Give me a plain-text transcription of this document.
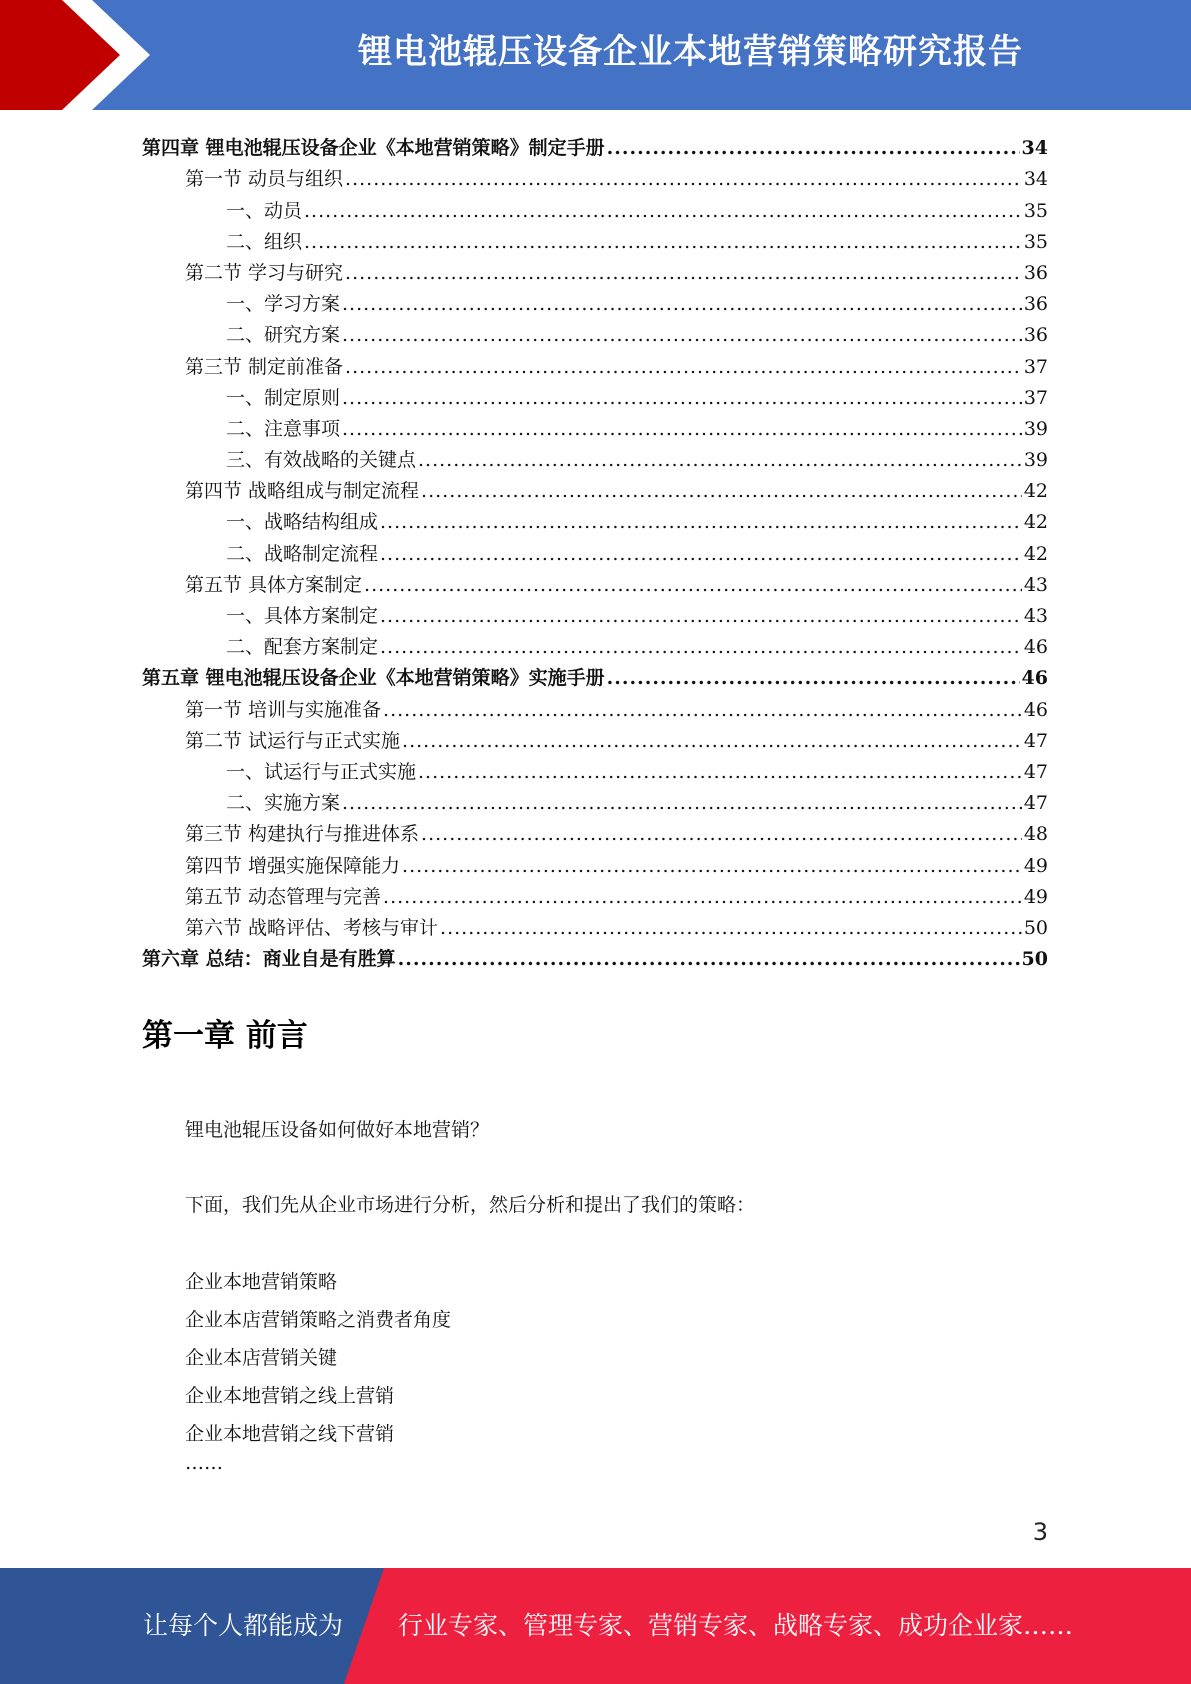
锂电池辊压设备企业本地营销策略研究报告
第四章 锂电池辊压设备企业《本地营销策略》制定手册 .....	34
第一节 动员与组织 .....	34
一、动员 .....	35
二、组织 .....	35
第二节 学习与研究 .....	36
一、学习方案 .....	36
二、研究方案 .....	36
第三节 制定前准备 .....	37
一、制定原则 .....	37
二、注意事项 .....	39
三、有效战略的关键点 .....	39
第四节 战略组成与制定流程 .....	42
一、战略结构组成 .....	42
二、战略制定流程 .....	42
第五节 具体方案制定 .....	43
一、具体方案制定 .....	43
二、配套方案制定 .....	46
第五章 锂电池辊压设备企业《本地营销策略》实施手册 .....	46
第一节 培训与实施准备 .....	46
第二节 试运行与正式实施 .....	47
一、试运行与正式实施 .....	47
二、实施方案 .....	47
第三节 构建执行与推进体系 .....	48
第四节 增强实施保障能力 .....	49
第五节 动态管理与完善 .....	49
第六节 战略评估、考核与审计 .....	50
第六章 总结：商业自是有胜算 .....	50
第一章 前言
锂电池辊压设备如何做好本地营销？
下面，我们先从企业市场进行分析，然后分析和提出了我们的策略：
企业本地营销策略
企业本店营销策略之消费者角度
企业本店营销关键
企业本地营销之线上营销
企业本地营销之线下营销
……
3
让每个人都能成为 行业专家、管理专家、营销专家、战略专家、成功企业家……
